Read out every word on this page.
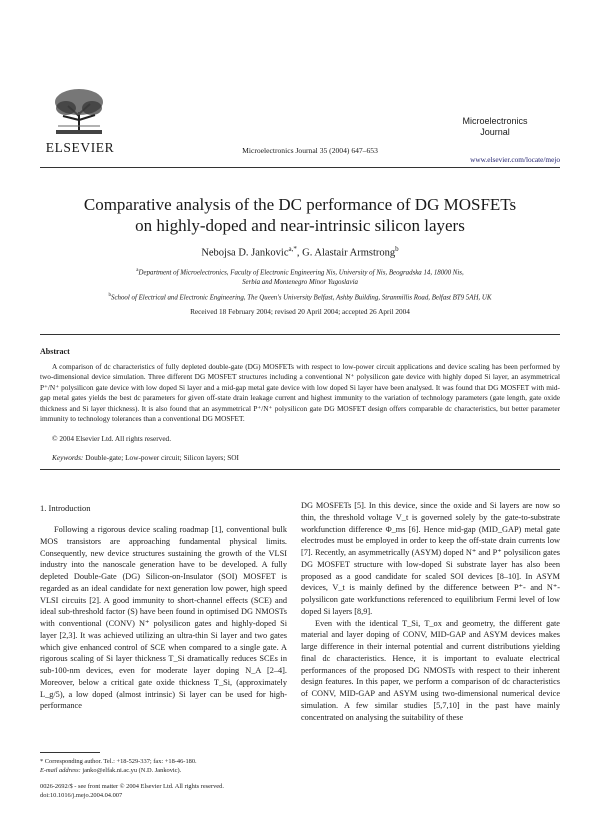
ELSEVIER	Microelectronics Journal 35 (2004) 647–653
Microelectronics
Journal
www.elsevier.com/locate/mejo
Comparative analysis of the DC performance of DG MOSFETs
on highly-doped and near-intrinsic silicon layers
Nebojsa D. Jankovic$^{a,*}$, G. Alastair Armstrong$^b$
$^a$Department of Microelectronics, Faculty of Electronic Engineering Nis, University of Nis, Beogradska 14, 18000 Nis,
Serbia and Montenegro Minor Yugoslavia
$^b$School of Electrical and Electronic Engineering, The Queen's University Belfast, Ashby Building, Stranmillis Road, Belfast BT9 5AH, UK
Received 18 February 2004; revised 20 April 2004; accepted 26 April 2004
Abstract
A comparison of dc characteristics of fully depleted double-gate (DG) MOSFETs with respect to low-power circuit applications and device scaling has been performed by two-dimensional device simulation. Three different DG MOSFET structures including a conventional N⁺ polysilicon gate device with highly doped Si layer, an asymmetrical P⁺/N⁺ polysilicon gate device with low doped Si layer and a mid-gap metal gate device with low doped Si layer have been analysed. It was found that DG MOSFET with mid-gap metal gates yields the best dc parameters for given off-state drain leakage current and highest immunity to the variation of technology parameters (gate length, gate oxide thickness and Si layer thickness). It is also found that an asymmetrical P⁺/N⁺ polysilicon gate DG MOSFET design offers comparable dc characteristics, but better parameter immunity to technology tolerances than a conventional DG MOSFET.
© 2004 Elsevier Ltd. All rights reserved.
Keywords: Double-gate; Low-power circuit; Silicon layers; SOI
1. Introduction

Following a rigorous device scaling roadmap [1], conventional bulk MOS transistors are approaching fundamental physical limits. Consequently, new device structures sustaining the growth of the VLSI industry into the nanoscale generation have to be developed. A fully depleted Double-Gate (DG) Silicon-on-Insulator (SOI) MOSFET is regarded as an ideal candidate for next generation low power, high speed VLSI circuits [2]. A good immunity to short-channel effects (SCE) and ideal sub-threshold factor (S) have been found in optimised DG NMOSTs with conventional (CONV) N⁺ polysilicon gates and highly-doped Si layer [2,3]. It was achieved utilizing an ultra-thin Si layer and two gates which give enhanced control of SCE when compared to a single gate. A rigorous scaling of Si layer thickness T_Si dramatically reduces SCEs in sub-100-nm devices, even for moderate layer doping N_A [2–4]. Moreover, below a critical gate oxide thickness T_Si, (approximately L_g/5), a low doped (almost intrinsic) Si layer can be used for high-performance

DG MOSFETs [5]. In this device, since the oxide and Si layers are now so thin, the threshold voltage V_t is governed solely by the gate-to-substrate workfunction difference Φ_ms [6]. Hence mid-gap (MID_GAP) metal gate electrodes must be employed in order to keep the off-state drain currents low [7]. Recently, an asymmetrically (ASYM) doped N⁺ and P⁺ polysilicon gates DG MOSFET structure with low-doped Si substrate layer has also been proposed as a good candidate for scaled SOI devices [8–10]. In ASYM devices, V_t is mainly defined by the difference between P⁺- and N⁺-polysilicon gate workfunctions referenced to equilibrium Fermi level of low doped Si layers [8,9].

Even with the identical T_Si, T_ox and geometry, the different gate material and layer doping of CONV, MID-GAP and ASYM devices makes large difference in their internal potential and current distributions yielding final dc characteristics. Hence, it is important to evaluate electrical performances of the proposed DG NMOSTs with respect to their inherent design features. In this paper, we perform a comparison of dc characteristics of CONV, MID-GAP and ASYM using two-dimensional numerical device simulation. A few similar studies [5,7,10] in the past have mainly concentrated on analysing the suitability of these

* Corresponding author. Tel.: +18-529-337; fax: +18-46-180.
E-mail address: janko@elfak.ni.ac.yu (N.D. Jankovic).
0026-2692/$ - see front matter © 2004 Elsevier Ltd. All rights reserved.
doi:10.1016/j.mejo.2004.04.007
